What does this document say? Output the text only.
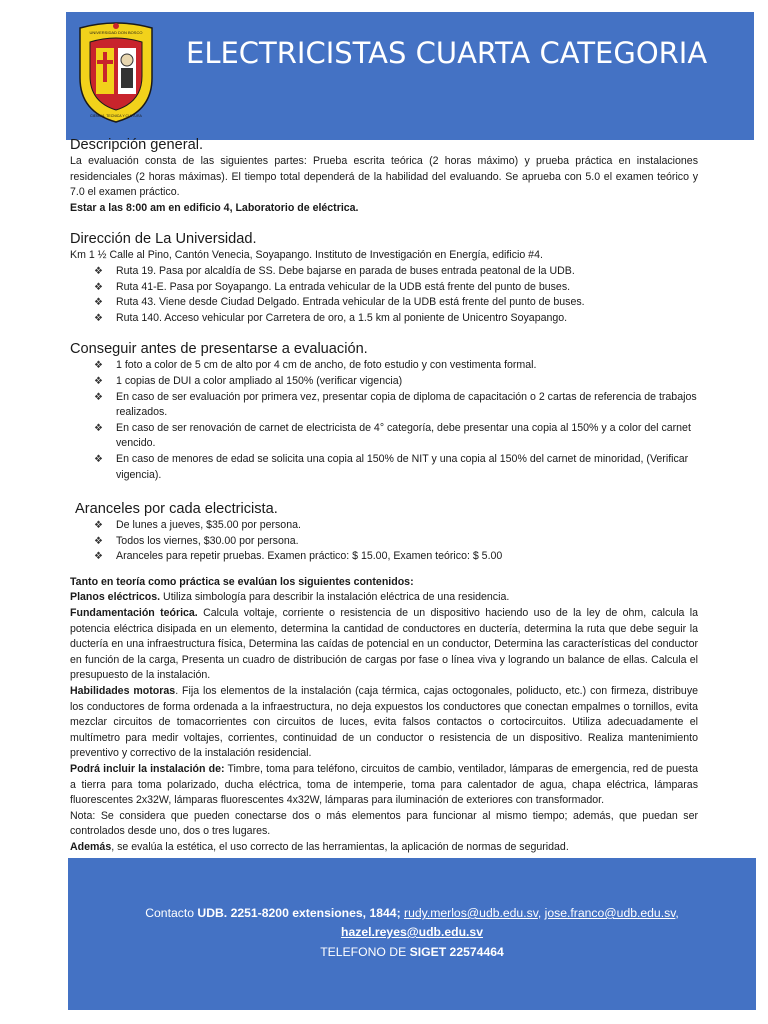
CIENCIA, TECNICA Y CULTURA
UNIVERSIDAD DON BOSCO
ELECTRICISTAS CUARTA CATEGORIA
Descripción general.

La evaluación consta de las siguientes partes: Prueba escrita teórica (2 horas máximo) y prueba práctica en instalaciones residenciales (2 horas máximas). El tiempo total dependerá de la habilidad del evaluando. Se aprueba con 5.0 el examen teórico y 7.0 el examen práctico.

Estar a las 8:00 am en edificio 4, Laboratorio de eléctrica.

Dirección de La Universidad.

Km 1 ½ Calle al Pino, Cantón Venecia, Soyapango. Instituto de Investigación en Energía, edificio #4.

❖ Ruta 19. Pasa por alcaldía de SS. Debe bajarse en parada de buses entrada peatonal de la UDB.
❖ Ruta 41-E. Pasa por Soyapango. La entrada vehicular de la UDB está frente del punto de buses.
❖ Ruta 43. Viene desde Ciudad Delgado. Entrada vehicular de la UDB está frente del punto de buses.
❖ Ruta 140. Acceso vehicular por Carretera de oro, a 1.5 km al poniente de Unicentro Soyapango.
Conseguir antes de presentarse a evaluación.
❖ 1 foto a color de 5 cm de alto por 4 cm de ancho, de foto estudio y con vestimenta formal.
❖ 1 copias de DUI a color ampliado al 150% (verificar vigencia)
❖ En caso de ser evaluación por primera vez, presentar copia de diploma de capacitación o 2 cartas de referencia de trabajos realizados.
❖ En caso de ser renovación de carnet de electricista de 4° categoría, debe presentar una copia al 150% y a color del carnet vencido.
❖ En caso de menores de edad se solicita una copia al 150% de NIT y una copia al 150% del carnet de minoridad, (Verificar vigencia).
Aranceles por cada electricista.
❖ De lunes a jueves, $35.00 por persona.
❖ Todos los viernes, $30.00 por persona.
❖ Aranceles para repetir pruebas. Examen práctico: $ 15.00, Examen teórico: $ 5.00

Tanto en teoría como práctica se evalúan los siguientes contenidos:

Planos eléctricos. Utiliza simbología para describir la instalación eléctrica de una residencia.

Fundamentación teórica. Calcula voltaje, corriente o resistencia de un dispositivo haciendo uso de la ley de ohm, calcula la potencia eléctrica disipada en un elemento, determina la cantidad de conductores en ductería, determina la ruta que debe seguir la ductería en una infraestructura física, Determina las caídas de potencial en un conductor, Determina las características del conductor en función de la carga, Presenta un cuadro de distribución de cargas por fase o línea viva y logrando un balance de ellas. Calcula el presupuesto de la instalación.

Habilidades motoras. Fija los elementos de la instalación (caja térmica, cajas octogonales, poliducto, etc.) con firmeza, distribuye los conductores de forma ordenada a la infraestructura, no deja expuestos los conductores que conectan empalmes o tornillos, evita mezclar circuitos de tomacorrientes con circuitos de luces, evita falsos contactos o cortocircuitos. Utiliza adecuadamente el multímetro para medir voltajes, corrientes, continuidad de un conductor o resistencia de un dispositivo. Realiza mantenimiento preventivo y correctivo de la instalación residencial.

Podrá incluir la instalación de: Timbre, toma para teléfono, circuitos de cambio, ventilador, lámparas de emergencia, red de puesta a tierra para toma polarizado, ducha eléctrica, toma de intemperie, toma para calentador de agua, chapa eléctrica, lámparas fluorescentes 2x32W, lámparas fluorescentes 4x32W, lámparas para iluminación de exteriores con transformador.

Nota: Se considera que pueden conectarse dos o más elementos para funcionar al mismo tiempo; además, que puedan ser controlados desde uno, dos o tres lugares.

Además, se evalúa la estética, el uso correcto de las herramientas, la aplicación de normas de seguridad.

Contacto UDB. 2251-8200 extensiones, 1844; rudy.merlos@udb.edu.sv, jose.franco@udb.edu.sv,
hazel.reyes@udb.edu.sv
TELEFONO DE SIGET 22574464
